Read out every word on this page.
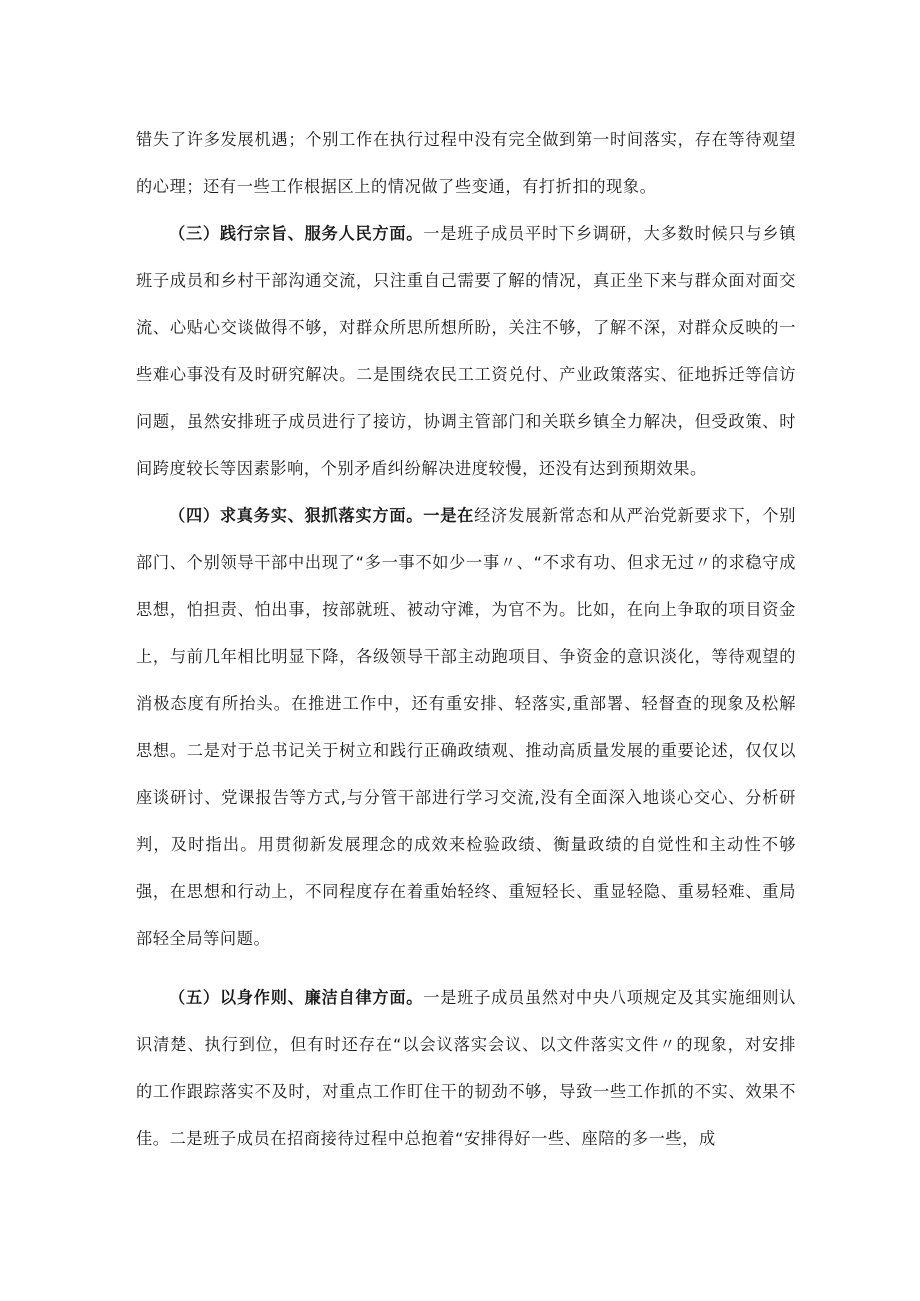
错失了许多发展机遇；个别工作在执行过程中没有完全做到第一时间落实，存在等待观望的心理；还有一些工作根据区上的情况做了些变通，有打折扣的现象。

（三）践行宗旨、服务人民方面。一是班子成员平时下乡调研，大多数时候只与乡镇班子成员和乡村干部沟通交流，只注重自己需要了解的情况，真正坐下来与群众面对面交流、心贴心交谈做得不够，对群众所思所想所盼，关注不够，了解不深，对群众反映的一些难心事没有及时研究解决。二是围绕农民工工资兑付、产业政策落实、征地拆迁等信访问题，虽然安排班子成员进行了接访，协调主管部门和关联乡镇全力解决，但受政策、时间跨度较长等因素影响，个别矛盾纠纷解决进度较慢，还没有达到预期效果。

（四）求真务实、狠抓落实方面。一是在经济发展新常态和从严治党新要求下，个别部门、个别领导干部中出现了“多一事不如少一事〃、“不求有功、但求无过〃的求稳守成思想，怕担责、怕出事，按部就班、被动守滩，为官不为。比如，在向上争取的项目资金上，与前几年相比明显下降，各级领导干部主动跑项目、争资金的意识淡化，等待观望的消极态度有所抬头。在推进工作中，还有重安排、轻落实,重部署、轻督查的现象及松解思想。二是对于总书记关于树立和践行正确政绩观、推动高质量发展的重要论述，仅仅以座谈研讨、党课报告等方式,与分管干部进行学习交流,没有全面深入地谈心交心、分析研判，及时指出。用贯彻新发展理念的成效来检验政绩、衡量政绩的自觉性和主动性不够强，在思想和行动上，不同程度存在着重始轻终、重短轻长、重显轻隐、重易轻难、重局部轻全局等问题。

（五）以身作则、廉洁自律方面。一是班子成员虽然对中央八项规定及其实施细则认识清楚、执行到位，但有时还存在“以会议落实会议、以文件落实文件〃的现象，对安排的工作跟踪落实不及时，对重点工作盯住干的韧劲不够，导致一些工作抓的不实、效果不佳。二是班子成员在招商接待过程中总抱着“安排得好一些、座陪的多一些，成
